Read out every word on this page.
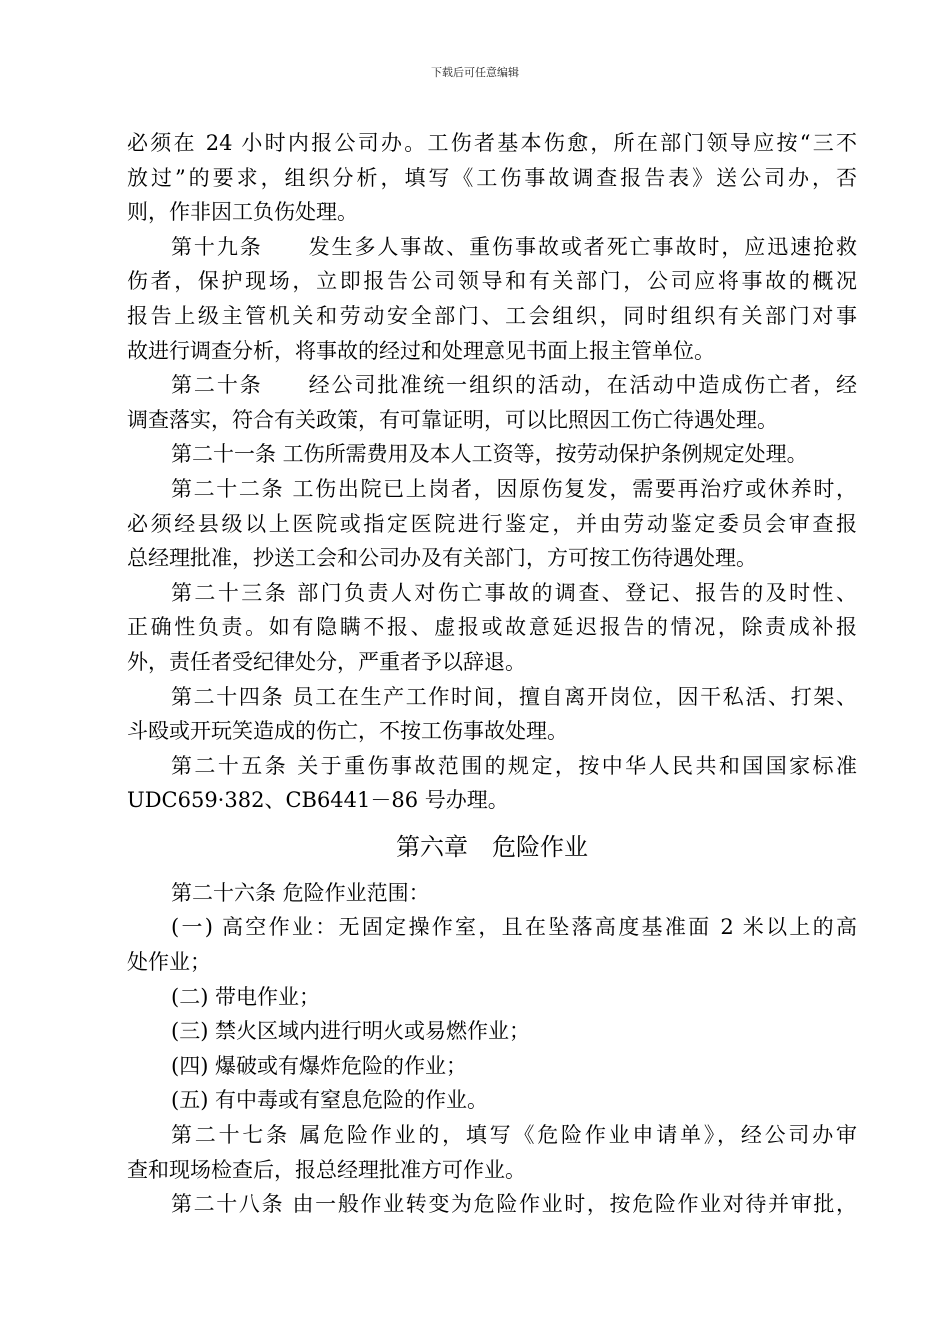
下载后可任意编辑
必须在 24 小时内报公司办。工伤者基本伤愈，所在部门领导应按“三不
放过”的要求，组织分析，填写《工伤事故调查报告表》送公司办，否
则，作非因工负伤处理。
第十九条　　发生多人事故、重伤事故或者死亡事故时，应迅速抢救
伤者，保护现场，立即报告公司领导和有关部门，公司应将事故的概况
报告上级主管机关和劳动安全部门、工会组织，同时组织有关部门对事
故进行调查分析，将事故的经过和处理意见书面上报主管单位。
第二十条　　经公司批准统一组织的活动，在活动中造成伤亡者，经
调查落实，符合有关政策，有可靠证明，可以比照因工伤亡待遇处理。
第二十一条 工伤所需费用及本人工资等，按劳动保护条例规定处理。
第二十二条 工伤出院已上岗者，因原伤复发，需要再治疗或休养时，
必须经县级以上医院或指定医院进行鉴定，并由劳动鉴定委员会审查报
总经理批准，抄送工会和公司办及有关部门，方可按工伤待遇处理。
第二十三条 部门负责人对伤亡事故的调查、登记、报告的及时性、
正确性负责。如有隐瞒不报、虚报或故意延迟报告的情况，除责成补报
外，责任者受纪律处分，严重者予以辞退。
第二十四条 员工在生产工作时间，擅自离开岗位，因干私活、打架、
斗殴或开玩笑造成的伤亡，不按工伤事故处理。
第二十五条 关于重伤事故范围的规定，按中华人民共和国国家标准
UDC659·382、CB6441－86 号办理。
第六章　危险作业
第二十六条 危险作业范围：
(一) 高空作业：无固定操作室，且在坠落高度基准面 2 米以上的高
处作业；
(二) 带电作业；
(三) 禁火区域内进行明火或易燃作业；
(四) 爆破或有爆炸危险的作业；
(五) 有中毒或有窒息危险的作业。
第二十七条 属危险作业的，填写《危险作业申请单》，经公司办审
查和现场检查后，报总经理批准方可作业。
第二十八条 由一般作业转变为危险作业时，按危险作业对待并审批，
